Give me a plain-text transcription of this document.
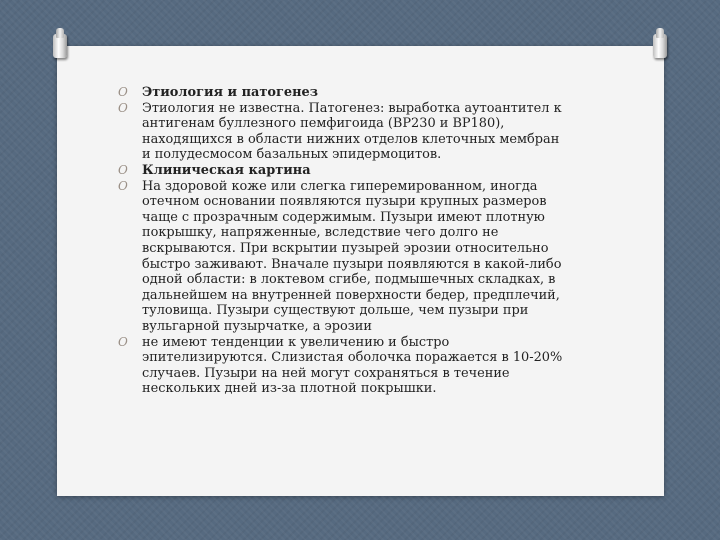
O Этиология и патогенез
O Этиология не известна. Патогенез: выработка аутоантител к
антигенам буллезного пемфигоида (ВР230 и ВР180),
находящихся в области нижних отделов клеточных мембран
и полудесмосом базальных эпидермоцитов.
O Клиническая картина
O На здоровой коже или слегка гиперемированном, иногда
отечном основании появляются пузыри крупных размеров
чаще с прозрачным содержимым. Пузыри имеют плотную
покрышку, напряженные, вследствие чего долго не
вскрываются. При вскрытии пузырей эрозии относительно
быстро заживают. Вначале пузыри появляются в какой-либо
одной области: в локтевом сгибе, подмышечных складках, в
дальнейшем на внутренней поверхности бедер, предплечий,
туловища. Пузыри существуют дольше, чем пузыри при
вульгарной пузырчатке, а эрозии
O не имеют тенденции к увеличению и быстро
эпителизируются. Слизистая оболочка поражается в 10-20%
случаев. Пузыри на ней могут сохраняться в течение
нескольких дней из-за плотной покрышки.
